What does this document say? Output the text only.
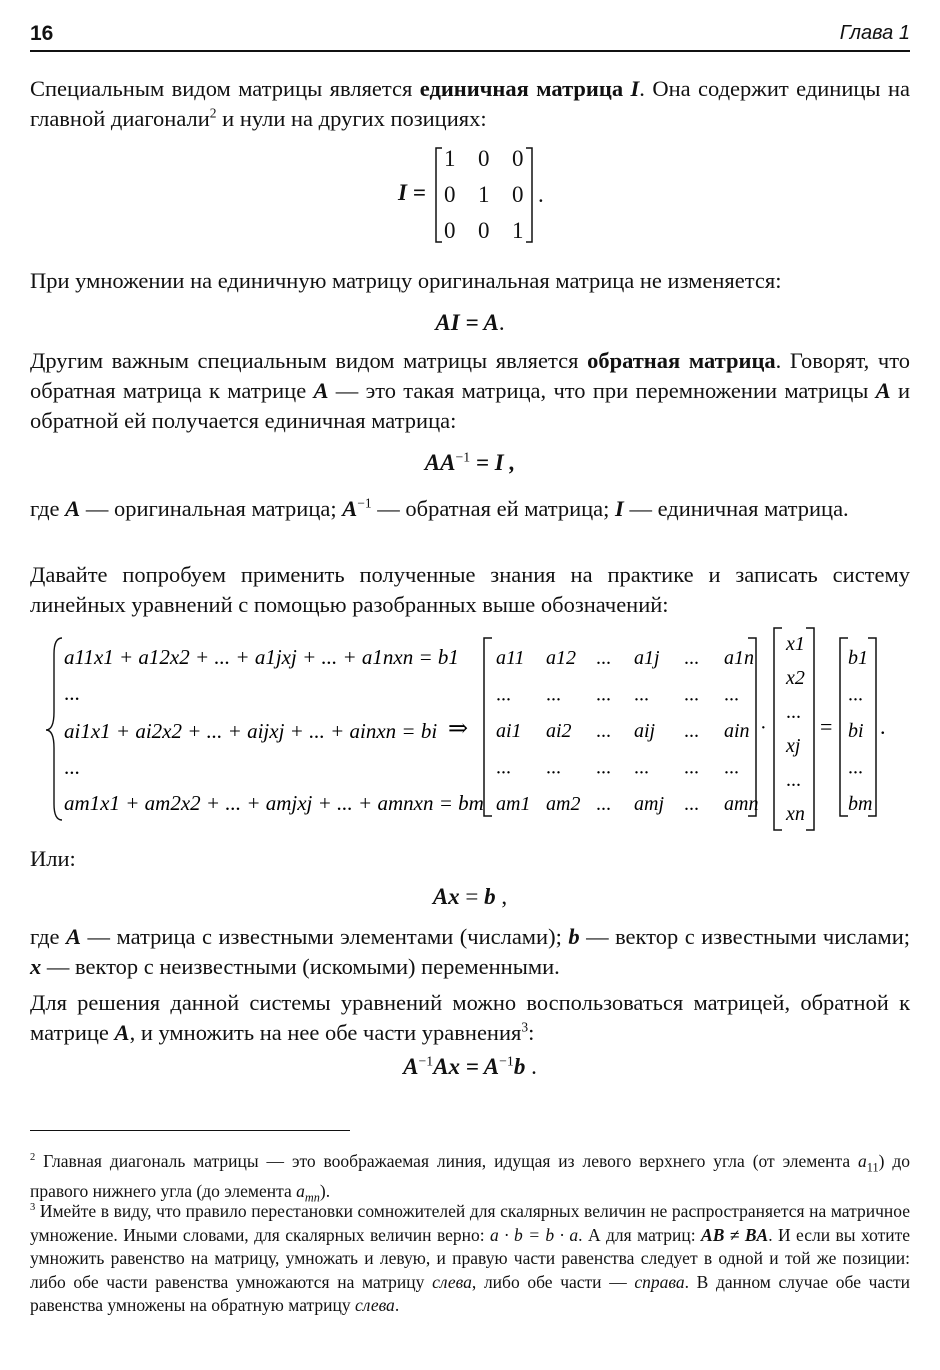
16	Глава 1
Специальным видом матрицы является единичная матрица I. Она содержит единицы на главной диагонали$^2$ и нули на других позициях:
I =
1 0 0
0 1 0
0 0 1
.
При умножении на единичную матрицу оригинальная матрица не изменяется:
AI = A.
Другим важным специальным видом матрицы является обратная матрица. Говорят, что обратная матрица к матрице A — это такая матрица, что при перемножении матрицы A и обратной ей получается единичная матрица:
$AA^{-1} = I$ ,
где A — оригинальная матрица; $A^{-1}$ — обратная ей матрица; I — единичная матрица.
Давайте попробуем применить полученные знания на практике и записать систему линейных уравнений с помощью разобранных выше обозначений:
· = .
⇒
a11x1 + a12x2 + ... + a1jxj + ... + a1nxn = b1
...
ai1x1 + ai2x2 + ... + aijxj + ... + ainxn = bi
...
am1x1 + am2x2 + ... + amjxj + ... + amnxn = bm
a11 a12 ... a1j ... a1n
... ... ... ... ... ...
ai1 ai2 ... aij ... ain
... ... ... ... ... ...
am1 am2 ... amj ... amn
x1
x2
...
xj
...
xn
b1
...
bi
...
bm
Или:
Ax = b ,
где A — матрица с известными элементами (числами); b — вектор с известными числами; x — вектор с неизвестными (искомыми) переменными.
Для решения данной системы уравнений можно воспользоваться матрицей, обратной к матрице A, и умножить на нее обе части уравнения$^3$:
$A^{-1}Ax = A^{-1}b$ .
$^2$ Главная диагональ матрицы — это воображаемая линия, идущая из левого верхнего угла (от элемента $a_{11}$) до правого нижнего угла (до элемента $a_{mn}$).
$^3$ Имейте в виду, что правило перестановки сомножителей для скалярных величин не распространяется на матричное умножение. Иными словами, для скалярных величин верно: a · b = b · a. А для матриц: AB ≠ BA. И если вы хотите умножить равенство на матрицу, умножать и левую, и правую части равенства следует в одной и той же позиции: либо обе части равенства умножаются на матрицу слева, либо обе части — справа. В данном случае обе части равенства умножены на обратную матрицу слева.
